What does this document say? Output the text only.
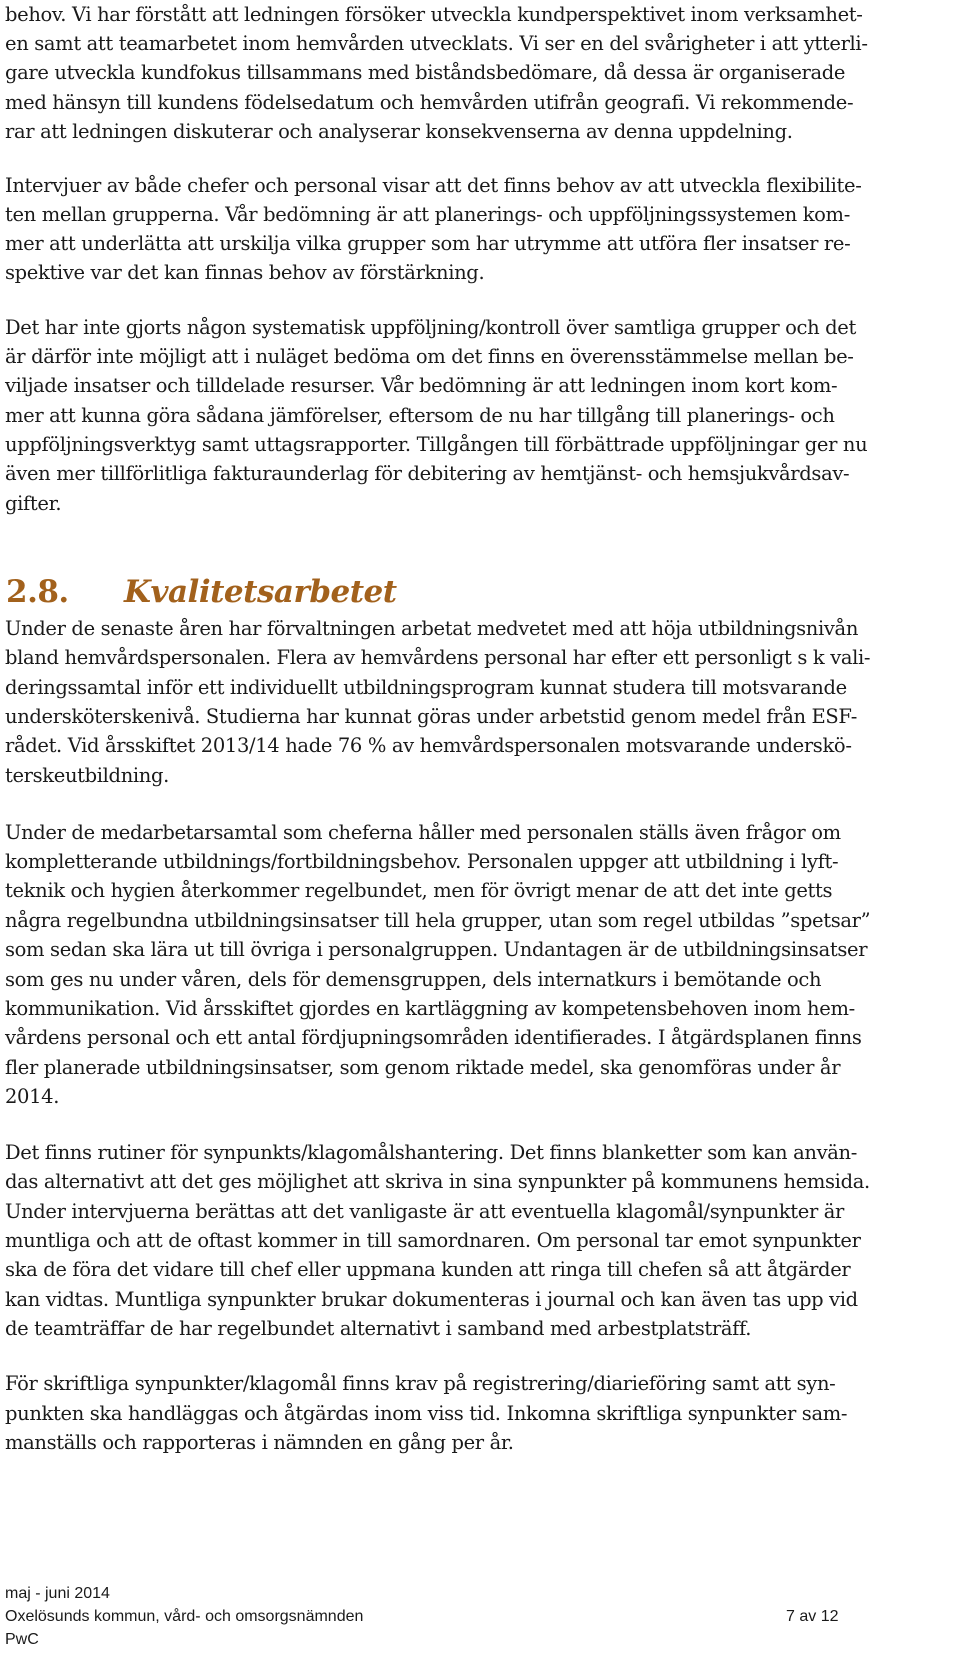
behov. Vi har förstått att ledningen försöker utveckla kundperspektivet inom verksamhet-
en samt att teamarbetet inom hemvården utvecklats. Vi ser en del svårigheter i att ytterli-
gare utveckla kundfokus tillsammans med biståndsbedömare, då dessa är organiserade
med hänsyn till kundens födelsedatum och hemvården utifrån geografi. Vi rekommende-
rar att ledningen diskuterar och analyserar konsekvenserna av denna uppdelning.
Intervjuer av både chefer och personal visar att det finns behov av att utveckla flexibilite-
ten mellan grupperna. Vår bedömning är att planerings- och uppföljningssystemen kom-
mer att underlätta att urskilja vilka grupper som har utrymme att utföra fler insatser re-
spektive var det kan finnas behov av förstärkning.
Det har inte gjorts någon systematisk uppföljning/kontroll över samtliga grupper och det
är därför inte möjligt att i nuläget bedöma om det finns en överensstämmelse mellan be-
viljade insatser och tilldelade resurser. Vår bedömning är att ledningen inom kort kom-
mer att kunna göra sådana jämförelser, eftersom de nu har tillgång till planerings- och
uppföljningsverktyg samt uttagsrapporter. Tillgången till förbättrade uppföljningar ger nu
även mer tillförlitliga fakturaunderlag för debitering av hemtjänst- och hemsjukvårdsav-
gifter.
2.8. Kvalitetsarbetet
Under de senaste åren har förvaltningen arbetat medvetet med att höja utbildningsnivån
bland hemvårdspersonalen. Flera av hemvårdens personal har efter ett personligt s k vali-
deringssamtal inför ett individuellt utbildningsprogram kunnat studera till motsvarande
undersköterskenivå. Studierna har kunnat göras under arbetstid genom medel från ESF-
rådet. Vid årsskiftet 2013/14 hade 76 % av hemvårdspersonalen motsvarande underskö-
terskeutbildning.
Under de medarbetarsamtal som cheferna håller med personalen ställs även frågor om
kompletterande utbildnings/fortbildningsbehov. Personalen uppger att utbildning i lyft-
teknik och hygien återkommer regelbundet, men för övrigt menar de att det inte getts
några regelbundna utbildningsinsatser till hela grupper, utan som regel utbildas ”spetsar”
som sedan ska lära ut till övriga i personalgruppen. Undantagen är de utbildningsinsatser
som ges nu under våren, dels för demensgruppen, dels internatkurs i bemötande och
kommunikation. Vid årsskiftet gjordes en kartläggning av kompetensbehoven inom hem-
vårdens personal och ett antal fördjupningsområden identifierades. I åtgärdsplanen finns
fler planerade utbildningsinsatser, som genom riktade medel, ska genomföras under år
2014.
Det finns rutiner för synpunkts/klagomålshantering. Det finns blanketter som kan använ-
das alternativt att det ges möjlighet att skriva in sina synpunkter på kommunens hemsida.
Under intervjuerna berättas att det vanligaste är att eventuella klagomål/synpunkter är
muntliga och att de oftast kommer in till samordnaren. Om personal tar emot synpunkter
ska de föra det vidare till chef eller uppmana kunden att ringa till chefen så att åtgärder
kan vidtas. Muntliga synpunkter brukar dokumenteras i journal och kan även tas upp vid
de teamträffar de har regelbundet alternativt i samband med arbestplatsträff.
För skriftliga synpunkter/klagomål finns krav på registrering/diarieföring samt att syn-
punkten ska handläggas och åtgärdas inom viss tid. Inkomna skriftliga synpunkter sam-
manställs och rapporteras i nämnden en gång per år.
maj - juni 2014
Oxelösunds kommun, vård- och omsorgsnämnden	7 av 12
PwC
